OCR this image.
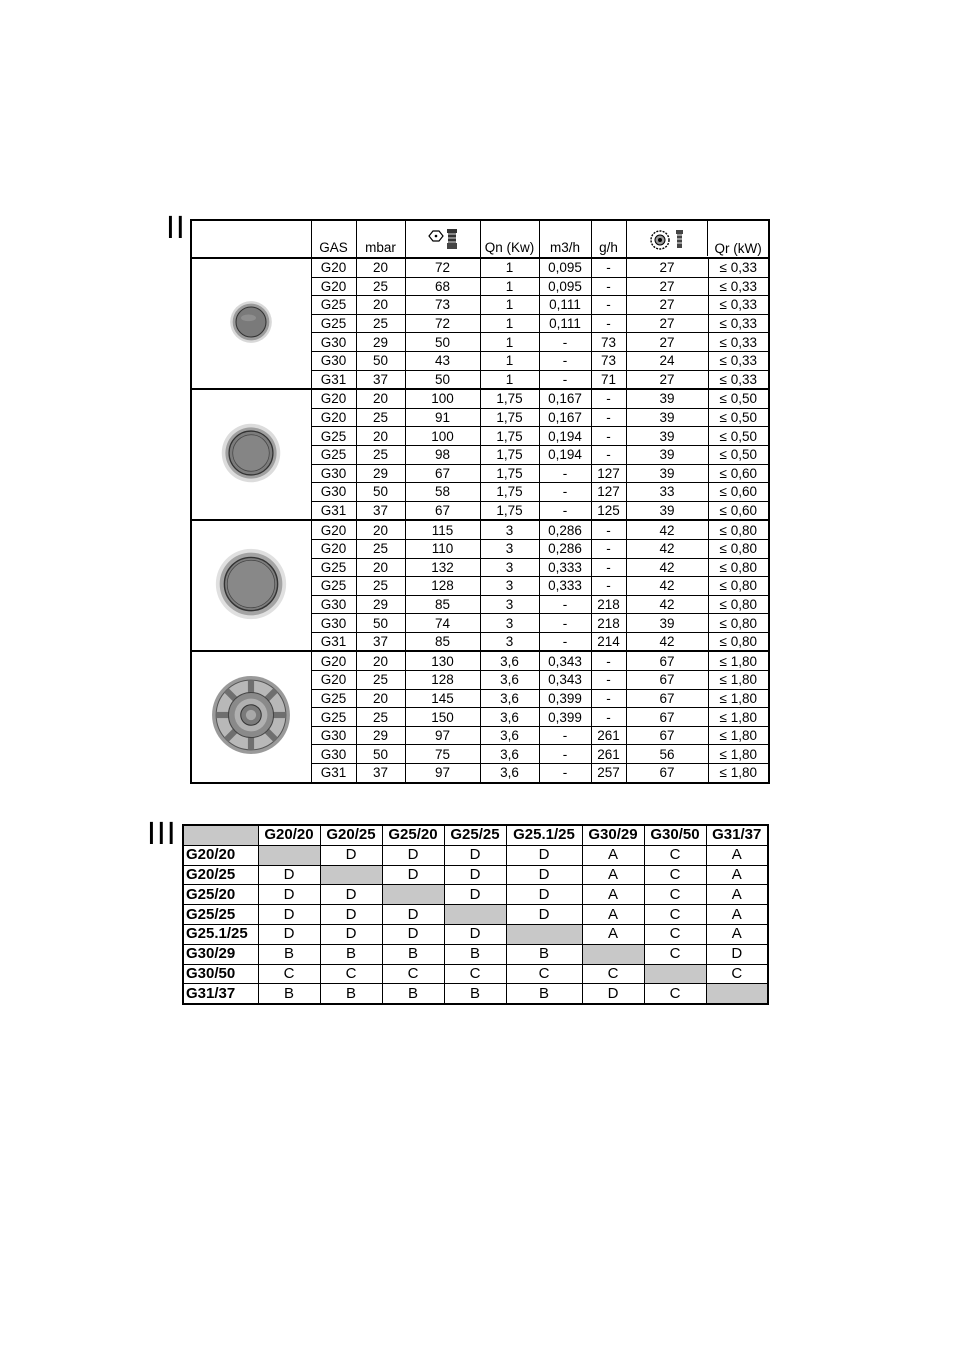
II
	GAS	mbar		Qn (Kw)	m3/h	g/h	Qr (kW)	

	G20	20	72	1	0,095	-	27	≤ 0,33
	G20	25	68	1	0,095	-	27	≤ 0,33
	G25	20	73	1	0,111	-	27	≤ 0,33
	G25	25	72	1	0,111	-	27	≤ 0,33
	G30	29	50	1	-	73	27	≤ 0,33
	G30	50	43	1	-	73	24	≤ 0,33
	G31	37	50	1	-	71	27	≤ 0,33
	G20	20	100	1,75	0,167	-	39	≤ 0,50
	G20	25	91	1,75	0,167	-	39	≤ 0,50
	G25	20	100	1,75	0,194	-	39	≤ 0,50
	G25	25	98	1,75	0,194	-	39	≤ 0,50
	G30	29	67	1,75	-	127	39	≤ 0,60
	G30	50	58	1,75	-	127	33	≤ 0,60
	G31	37	67	1,75	-	125	39	≤ 0,60
	G20	20	115	3	0,286	-	42	≤ 0,80
	G20	25	110	3	0,286	-	42	≤ 0,80
	G25	20	132	3	0,333	-	42	≤ 0,80
	G25	25	128	3	0,333	-	42	≤ 0,80
	G30	29	85	3	-	218	42	≤ 0,80
	G30	50	74	3	-	218	39	≤ 0,80
	G31	37	85	3	-	214	42	≤ 0,80
	G20	20	130	3,6	0,343	-	67	≤ 1,80
	G20	25	128	3,6	0,343	-	67	≤ 1,80
	G25	20	145	3,6	0,399	-	67	≤ 1,80
	G25	25	150	3,6	0,399	-	67	≤ 1,80
	G30	29	97	3,6	-	261	67	≤ 1,80
	G30	50	75	3,6	-	261	56	≤ 1,80
	G31	37	97	3,6	-	257	67	≤ 1,80
III
		G20/20	G20/25	G25/20	G25/25	G25.1/25	G30/29	G30/50	G31/37
G20/20		D	D	D	D	A	C	A
G20/25	D		D	D	D	A	C	A
G25/20	D	D		D	D	A	C	A
G25/25	D	D	D		D	A	C	A
G25.1/25	D	D	D	D		A	C	A
G30/29	B	B	B	B	B		C	D
G30/50	C	C	C	C	C	C		C
G31/37	B	B	B	B	B	D	C	
